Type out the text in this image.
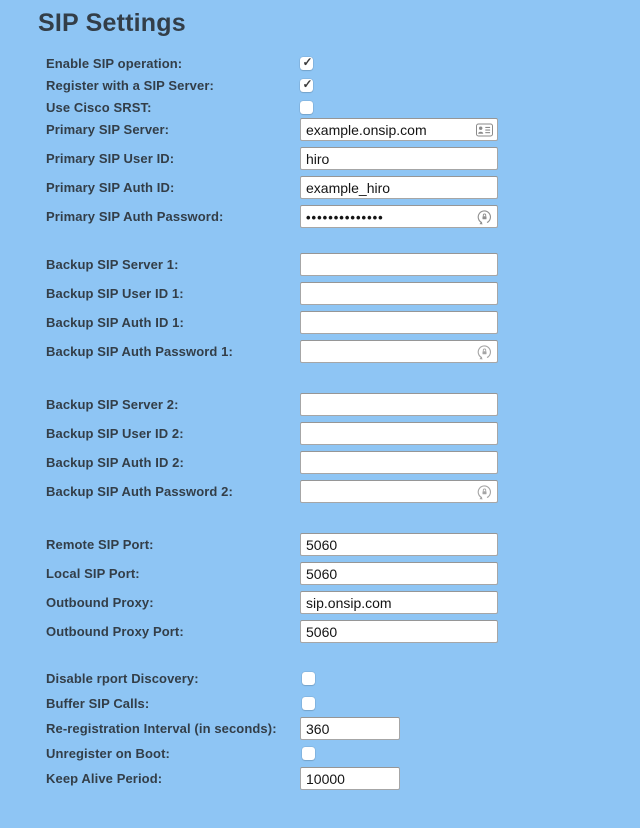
SIP Settings
Enable SIP operation:	✓
Register with a SIP Server:	✓
Use Cisco SRST:
Primary SIP Server:
example.onsip.com
Primary SIP User ID:
hiro
Primary SIP Auth ID:
example_hiro
Primary SIP Auth Password:
••••••••••••••
Backup SIP Server 1:
Backup SIP User ID 1:
Backup SIP Auth ID 1:
Backup SIP Auth Password 1:
Backup SIP Server 2:
Backup SIP User ID 2:
Backup SIP Auth ID 2:
Backup SIP Auth Password 2:
Remote SIP Port:
5060
Local SIP Port:
5060
Outbound Proxy:
sip.onsip.com
Outbound Proxy Port:
5060
Disable rport Discovery:
Buffer SIP Calls:
Re-registration Interval (in seconds):
360
Unregister on Boot:
Keep Alive Period:
10000
